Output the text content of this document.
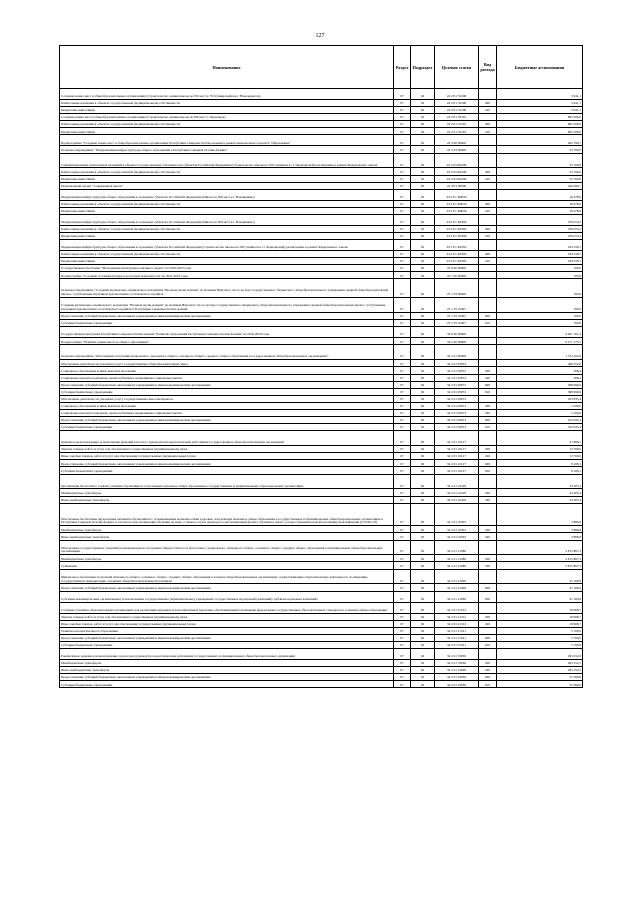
127
Наименование	Раздел	Подраздел	Целевая статья	Вид расхода	Бюджетные ассигнования
Создание новых мест в общеобразовательных организациях (Строительство здания школы на 350 мест в 78-32 микрорайоне г. Новочеркасск)	07	02	24 2 E1 55200		3 941,1
Капитальные вложения в объекты государственной (муниципальной) собственности	07	02	24 2 E1 55200	400	3 941,1
Бюджетные инвестиции	07	02	24 2 E1 55200	410	3 941,1
Создание новых мест в общеобразовательных организациях (Строительство здания школы на 200 мест г. Черноярск)	07	02	24 2 E1 55201		865 206,0
Капитальные вложения в объекты государственной (муниципальной) собственности	07	02	24 2 E1 55201	400	865 206,0
Бюджетные инвестиции	07	02	24 2 E1 55201	410	865 206,0
Подпрограмма "Создание новых мест в общеобразовательных организациях Республики Северная Осетия-Алания в рамках национального проекта "Образование"	07	02	24 3 00 00000		465 799,7
Основное мероприятие "Модернизация инфраструктуры общего образования в Республике Северная Осетия-Алания"	07	02	24 3 03 00000		23 700,0
Софинансирование капитальных вложений в объекты государственной собственности субъектов Российской Федерации (Строительство школы на 500 учащихся в ст. Черноярской) реализуемые в рамках Федерального закона	07	02	24 3 03 R2296		23 700,0
Капитальные вложения в объекты государственной (муниципальной) собственности	07	02	24 3 03 R2296	400	23 700,0
Бюджетные инвестиции	07	02	24 3 03 R2296	410	23 700,0
Региональный проект "Современная школа"	07	02	24 3 E1 00000		442 099,7
Модернизация инфраструктуры общего образования в отдельных субъектах Российской Федерации (Школа на 500 мест в г. Владикавказ)	07	02	24 3 E1 R0056		18 478,9
Капитальные вложения в объекты государственной (муниципальной) собственности	07	02	24 3 E1 R0056	400	18 478,9
Бюджетные инвестиции	07	02	24 3 E1 R0056	410	18 478,9
Модернизация инфраструктуры общего образования в отдельных субъектах Российской Федерации (Школа на 500 мест в г. Владикавказ)	07	02	24 3 E1 R2392		239 074,2
Капитальные вложения в объекты государственной (муниципальной) собственности	07	02	24 3 E1 R2392	400	239 074,2
Бюджетные инвестиции	07	02	24 3 E1 R2392	410	239 074,2
Модернизация инфраструктуры общего образования в отдельных субъектах Российской Федерации (Строительство школы на 500 учащихся в ст. Черноярской) реализуемые в рамках Федерального закона	07	02	24 3 E1 R2393		184 556,7
Капитальные вложения в объекты государственной (муниципальной) собственности	07	02	24 3 E1 R2393	400	184 556,7
Бюджетные инвестиции	07	02	24 3 E1 R2393	410	184 556,7
Государственная программа "Молодежная культурная политика в округе" на 2018-2023 годы	07	02	25 0 00 00000		700,0
Подпрограмма "Создание условий культурно-досуговой деятельности" на 2021-2025 годы	07	02	25 1 00 00000		700,0
Основное мероприятие "Создание музыкально-сценического коллектива "Вольная песня Алании" по мотивам Нартского эпоса на базе государственного бюджетного общеобразовательного учреждения средней общеобразовательной школы с углубленным изучением художественно-эстетического профиля	07	02	25 1 03 00000		700,0
Создание музыкально-сценического коллектива "Вольная песня Алании" по мотивам Нартского эпоса на базе государственного бюджетного общеобразовательного учреждения средней общеобразовательной школы с углубленным изучением художественно-эстетического профиля в Республике Северная Осетия-Алания	07	02	25 1 03 10407		700,0
Предоставление субсидий бюджетным, автономным учреждениям и иным некоммерческим организациям	07	02	25 1 03 10407	600	700,0
Субсидии бюджетным учреждениям	07	02	25 1 03 10407	610	700,0
Государственная программа Республики Северная Осетия-Алания "Развитие образования Республики Северная Осетия-Алания" на 2016-2020 годы	07	02	34 0 00 00000		4 061 701,4
Подпрограмма "Развитие дошкольного и общего образования"	07	02	34 2 00 00000		4 271 175,5
Основное мероприятие "Обеспечение получения дошкольного, начального общего, основного общего, среднего общего образования в государственных общеобразовательных организациях"	07	02	34 2 01 00000		1 572 102,9
Обеспечение деятельности (оказание услуг) государственных общеобразовательных школ	07	02	34 2 01 03032		469 352,0
Социальное обеспечение и иные выплаты населению	07	02	34 2 01 03072	300	368,4
Социальные выплаты гражданам, кроме публичных нормативных социальных выплат	07	02	34 2 01 03072	320	368,4
Предоставление субсидий бюджетным, автономным учреждениям и иным некоммерческим организациям	07	02	34 2 01 03072	600	368 990,6
Субсидии бюджетным учреждениям	07	02	34 2 01 03072	610	368 990,6
Обеспечение деятельности (оказание услуг) государственных школ-интернатов	07	02	34 2 01 03073		453 835,4
Социальное обеспечение и иные выплаты населению	07	02	34 2 01 03073	300	1 200,0
Социальные выплаты гражданам, кроме публичных нормативных социальных выплат	07	02	34 2 01 03073	320	1 200,0
Предоставление субсидий бюджетным, автономным учреждениям и иным некоммерческим организациям	07	02	34 2 01 03073	600	452 635,4
Субсидии бюджетным учреждениям	07	02	34 2 01 03073	610	452 635,4
Денежное вознаграждение за выполнение функций классного руководителя педагогическим работникам государственных общеобразовательных организаций	07	02	34 2 01 10127		21 868,1
Закупка товаров, работ и услуг для обеспечения государственных (муниципальных) нужд	07	02	34 2 01 10127	200	13 700,0
Иные закупки товаров, работ и услуг для обеспечения государственных (муниципальных) нужд	07	02	34 2 01 10127	240	13 700,0
Предоставление субсидий бюджетным, автономным учреждениям и иным некоммерческим организациям	07	02	34 2 01 10127	600	8 168,1
Субсидии бюджетным учреждениям	07	02	34 2 01 10127	610	8 168,1
Организация бесплатного горячего питания обучающихся, получающих начальное общее образование в государственных и муниципальных образовательных организациях	07	02	34 2 01 10418		33 405,4
Межбюджетные трансферты	07	02	34 2 01 10418	500	33 405,4
Иные межбюджетные трансферты	07	02	34 2 01 10418	540	33 405,4
Обеспечение бесплатным двухразовым питанием обучающихся с ограниченными возможностями здоровья, получающих начальное общее образование в государственных и муниципальных общеобразовательных организациях в Республике Северная Осетия-Алания, в том числе при организации обучения на дому, а также в случае перехода на дистанционный формат обучения в связи с распространением новой коронавирусной инфекции (COVID-19)	07	02	34 2 01 10503		3 886,8
Межбюджетные трансферты	07	02	34 2 01 10503	500	3 886,8
Иные межбюджетные трансферты	07	02	34 2 01 10503	540	3 886,8
Обеспечение государственных гарантий реализации прав на получение общедоступного и бесплатного дошкольного, начального общего, основного общего, среднего общего образования в муниципальных общеобразовательных организациях	07	02	34 2 01 21280		2 815 867,3
Межбюджетные трансферты	07	02	34 2 01 21280	500	2 815 867,3
Субвенции	07	02	34 2 01 21280	530	2 815 867,3
Финансовое обеспечение получения начального общего, основного общего, среднего общего образования в частных общеобразовательных организациях, осуществляющих образовательную деятельность по имеющим государственную аккредитацию основным общеобразовательным программам	07	02	34 2 01 21290		47 109,9
Предоставление субсидий бюджетным, автономным учреждениям и иным некоммерческим организациям	07	02	34 2 01 21290	600	47 109,9
Субсидии некоммерческим организациям (за исключением государственных (муниципальных) учреждений, государственных корпораций (компаний), публично-правовых компаний)	07	02	34 2 01 21290	630	47 109,9
Создание условий в образовательных организациях для реализации ключевых и дополнительных программ, обеспечивающих реализацию федеральных государственных образовательных стандартов в основном общем образовании	07	02	34 2 01 21312		18 668,7
Закупка товаров, работ и услуг для обеспечения государственных (муниципальных) нужд	07	02	34 2 01 21312	200	18 668,7
Иные закупки товаров, работ и услуг для обеспечения государственных (муниципальных) нужд	07	02	34 2 01 21312	240	18 668,7
Развитие вспомогательного образования	07	02	34 2 01 27221		5 709,9
Предоставление субсидий бюджетным, автономным учреждениям и иным некоммерческим организациям	07	02	34 2 01 27221	600	5 709,9
Субсидии бюджетным учреждениям	07	02	34 2 01 27221	610	5 709,9
Ежемесячное денежное вознаграждение за классное руководство педагогическим работникам государственных и муниципальных общеобразовательных организаций	07	02	34 2 01 53030		293 252,6
Межбюджетные трансферты	07	02	34 2 01 53030	500	265 252,5
Иные межбюджетные трансферты	07	02	34 2 01 53030	540	265 252,5
Предоставление субсидий бюджетным, автономным учреждениям и иным некоммерческим организациям	07	02	34 2 01 53030	600	27 999,6
Субсидии бюджетным учреждениям	07	02	34 2 01 53030	610	27 999,6
